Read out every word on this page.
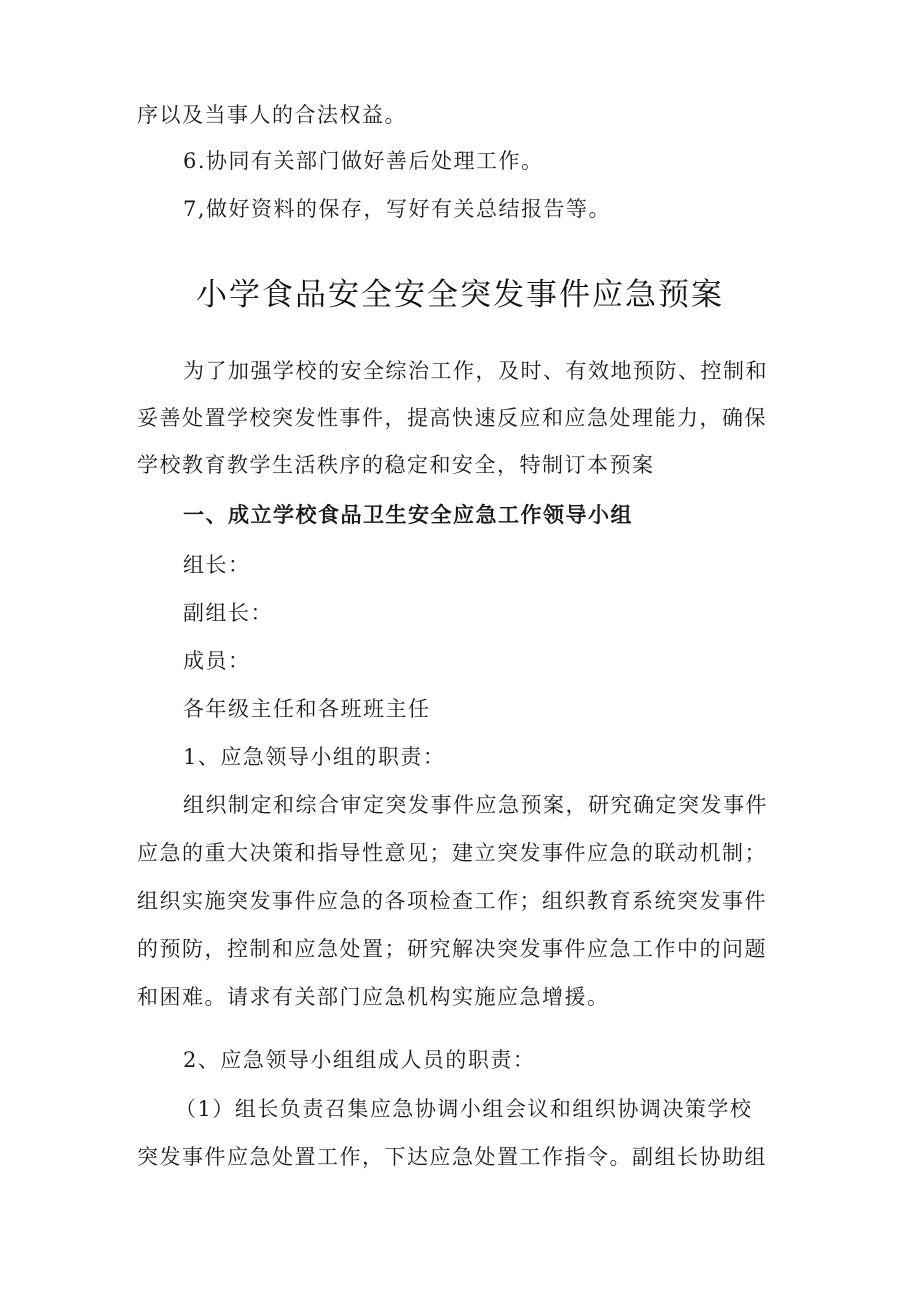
序以及当事人的合法权益。
6.协同有关部门做好善后处理工作。
7,做好资料的保存，写好有关总结报告等。
小学食品安全安全突发事件应急预案
为了加强学校的安全综治工作，及时、有效地预防、控制和
妥善处置学校突发性事件，提高快速反应和应急处理能力，确保
学校教育教学生活秩序的稳定和安全，特制订本预案
一、成立学校食品卫生安全应急工作领导小组
组长：
副组长：
成员：
各年级主任和各班班主任
1、应急领导小组的职责：
组织制定和综合审定突发事件应急预案，研究确定突发事件
应急的重大决策和指导性意见；建立突发事件应急的联动机制；
组织实施突发事件应急的各项检查工作；组织教育系统突发事件
的预防，控制和应急处置；研究解决突发事件应急工作中的问题
和困难。请求有关部门应急机构实施应急增援。
2、应急领导小组组成人员的职责：
（1）组长负责召集应急协调小组会议和组织协调决策学校
突发事件应急处置工作，下达应急处置工作指令。副组长协助组
